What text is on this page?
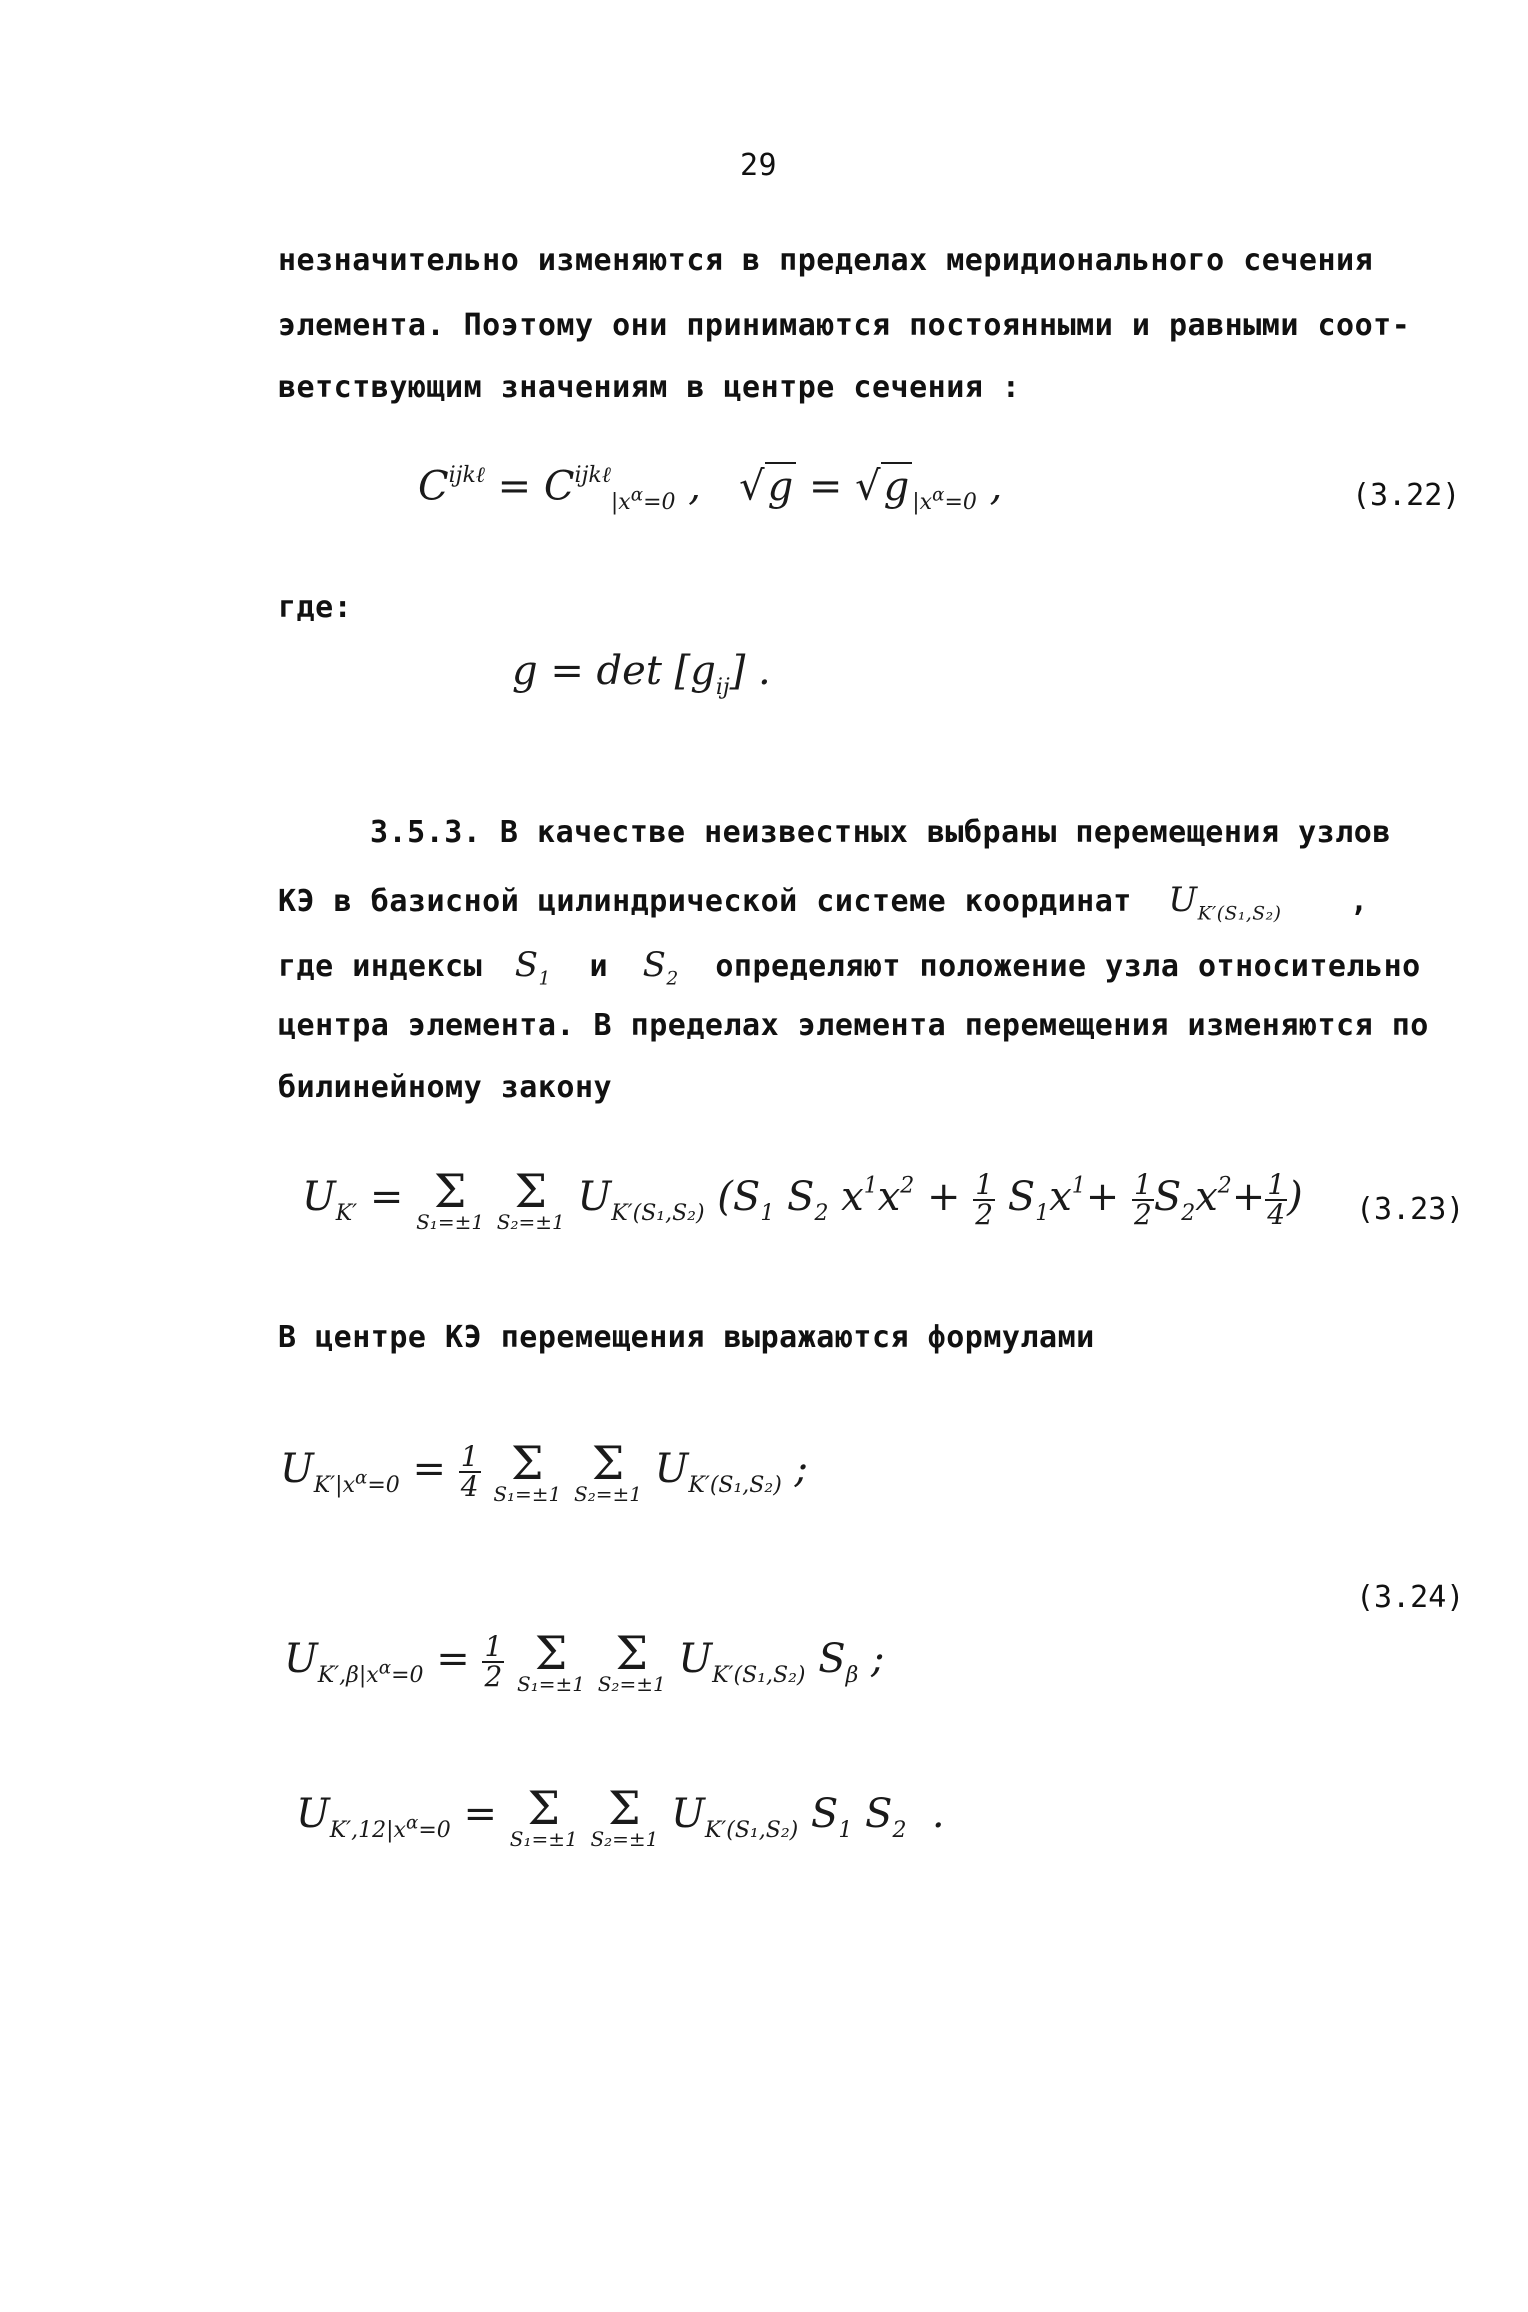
29
незначительно изменяются в пределах меридионального сечения
элемента. Поэтому они принимаются постоянными и равными соот-
ветствующим значениям в центре сечения :
$C^{ijk\ell} = C^{ijk\ell}_{|x^\alpha=0}$ ,   √g = √g $_{|x^\alpha=0}$ ,	(3.22)
где:
$g = \det [g_{ij}]$ .
3.5.3. В качестве неизвестных выбраны перемещения узлов
КЭ в базисной цилиндрической системе координат $U_{K'(S_1,S_2)}$ ,
где индексы $S_1$ и $S_2$ определяют положение узла относительно
центра элемента. В пределах элемента перемещения изменяются по
билинейному закону
$U_{K'} = \Sigma$
S₁=±1

Σ
S₂=±1
$U_{K'(S_1,S_2)}$ ($S_1$ $S_2$ $x^1x^2 + \frac{1}{2} S_1x^1+ \frac{1}{2} S_2x^2+ \frac{1}{4}$ ) (3.23)
В центре КЭ перемещения выражаются формулами
$U_{K'|x^\alpha=0} = \frac{1}{4}$
Σ
S₁=±1

Σ
S₂=±1
$U_{K'(S_1,S_2)}$ ;
(3.24)
$U_{K',\beta|x^\alpha=0} = \frac{1}{2}$
Σ
S₁=±1

Σ
S₂=±1
$U_{K'(S_1,S_2)}$ $S_\beta$ ;
$U_{K',12|x^\alpha=0} = \Sigma$
S₁=±1

Σ
S₂=±1
$U_{K'(S_1,S_2)}$ $S_1$ $S_2$  .
